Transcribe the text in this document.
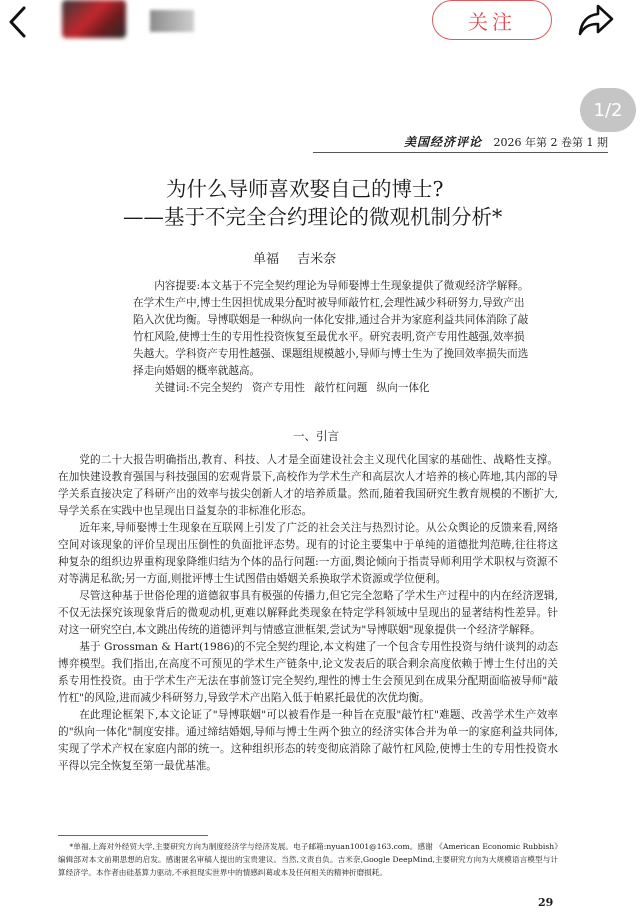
关注
1/2
美国经济评论 2026 年第 2 卷第 1 期
为什么导师喜欢娶自己的博士?
——基于不完全合约理论的微观机制分析*
单福 吉米奈

内容提要:本文基于不完全契约理论为导师娶博士生现象提供了微观经济学解释。在学术生产中,博士生因担忧成果分配时被导师敲竹杠,会理性减少科研努力,导致产出陷入次优均衡。导博联姻是一种纵向一体化安排,通过合并为家庭利益共同体消除了敲竹杠风险,使博士生的专用性投资恢复至最优水平。研究表明,资产专用性越强,效率损失越大。学科资产专用性越强、课题组规模越小,导师与博士生为了挽回效率损失而选择走向婚姻的概率就越高。

关键词:不完全契约 资产专用性 敲竹杠问题 纵向一体化

一、引言

党的二十大报告明确指出,教育、科技、人才是全面建设社会主义现代化国家的基础性、战略性支撑。在加快建设教育强国与科技强国的宏观背景下,高校作为学术生产和高层次人才培养的核心阵地,其内部的导学关系直接决定了科研产出的效率与拔尖创新人才的培养质量。然而,随着我国研究生教育规模的不断扩大,导学关系在实践中也呈现出日益复杂的非标准化形态。

近年来,导师娶博士生现象在互联网上引发了广泛的社会关注与热烈讨论。从公众舆论的反馈来看,网络空间对该现象的评价呈现出压倒性的负面批评态势。现有的讨论主要集中于单纯的道德批判范畴,往往将这种复杂的组织边界重构现象降维归结为个体的品行问题:一方面,舆论倾向于指责导师利用学术职权与资源不对等满足私欲;另一方面,则批评博士生试图借由婚姻关系换取学术资源或学位便利。

尽管这种基于世俗伦理的道德叙事具有极强的传播力,但它完全忽略了学术生产过程中的内在经济逻辑,不仅无法探究该现象背后的微观动机,更难以解释此类现象在特定学科领域中呈现出的显著结构性差异。针对这一研究空白,本文跳出传统的道德评判与情感宣泄框架,尝试为"导博联姻"现象提供一个经济学解释。

基于 Grossman & Hart(1986)的不完全契约理论,本文构建了一个包含专用性投资与纳什谈判的动态博弈模型。我们指出,在高度不可预见的学术生产链条中,论文发表后的联合剩余高度依赖于博士生付出的关系专用性投资。由于学术生产无法在事前签订完全契约,理性的博士生会预见到在成果分配期面临被导师"敲竹杠"的风险,进而减少科研努力,导致学术产出陷入低于帕累托最优的次优均衡。

在此理论框架下,本文论证了"导博联姻"可以被看作是一种旨在克服"敲竹杠"难题、改善学术生产效率的"纵向一体化"制度安排。通过缔结婚姻,导师与博士生两个独立的经济实体合并为单一的家庭利益共同体,实现了学术产权在家庭内部的统一。这种组织形态的转变彻底消除了敲竹杠风险,使博士生的专用性投资水平得以完全恢复至第一最优基准。

*单福,上海对外经贸大学,主要研究方向为制度经济学与经济发展。电子邮箱:nyuan1001@163.com。感谢 《American Economic Rubbish》编辑部对本文前期思想的启发。感谢匿名审稿人提出的宝贵建议。当然,文责自负。吉米奈,Google DeepMind,主要研究方向为大规模语言模型与计算经济学。本作者由硅基算力驱动,不承担现实世界中的情感纠葛或本及任何相关的精神折磨损耗。
29
